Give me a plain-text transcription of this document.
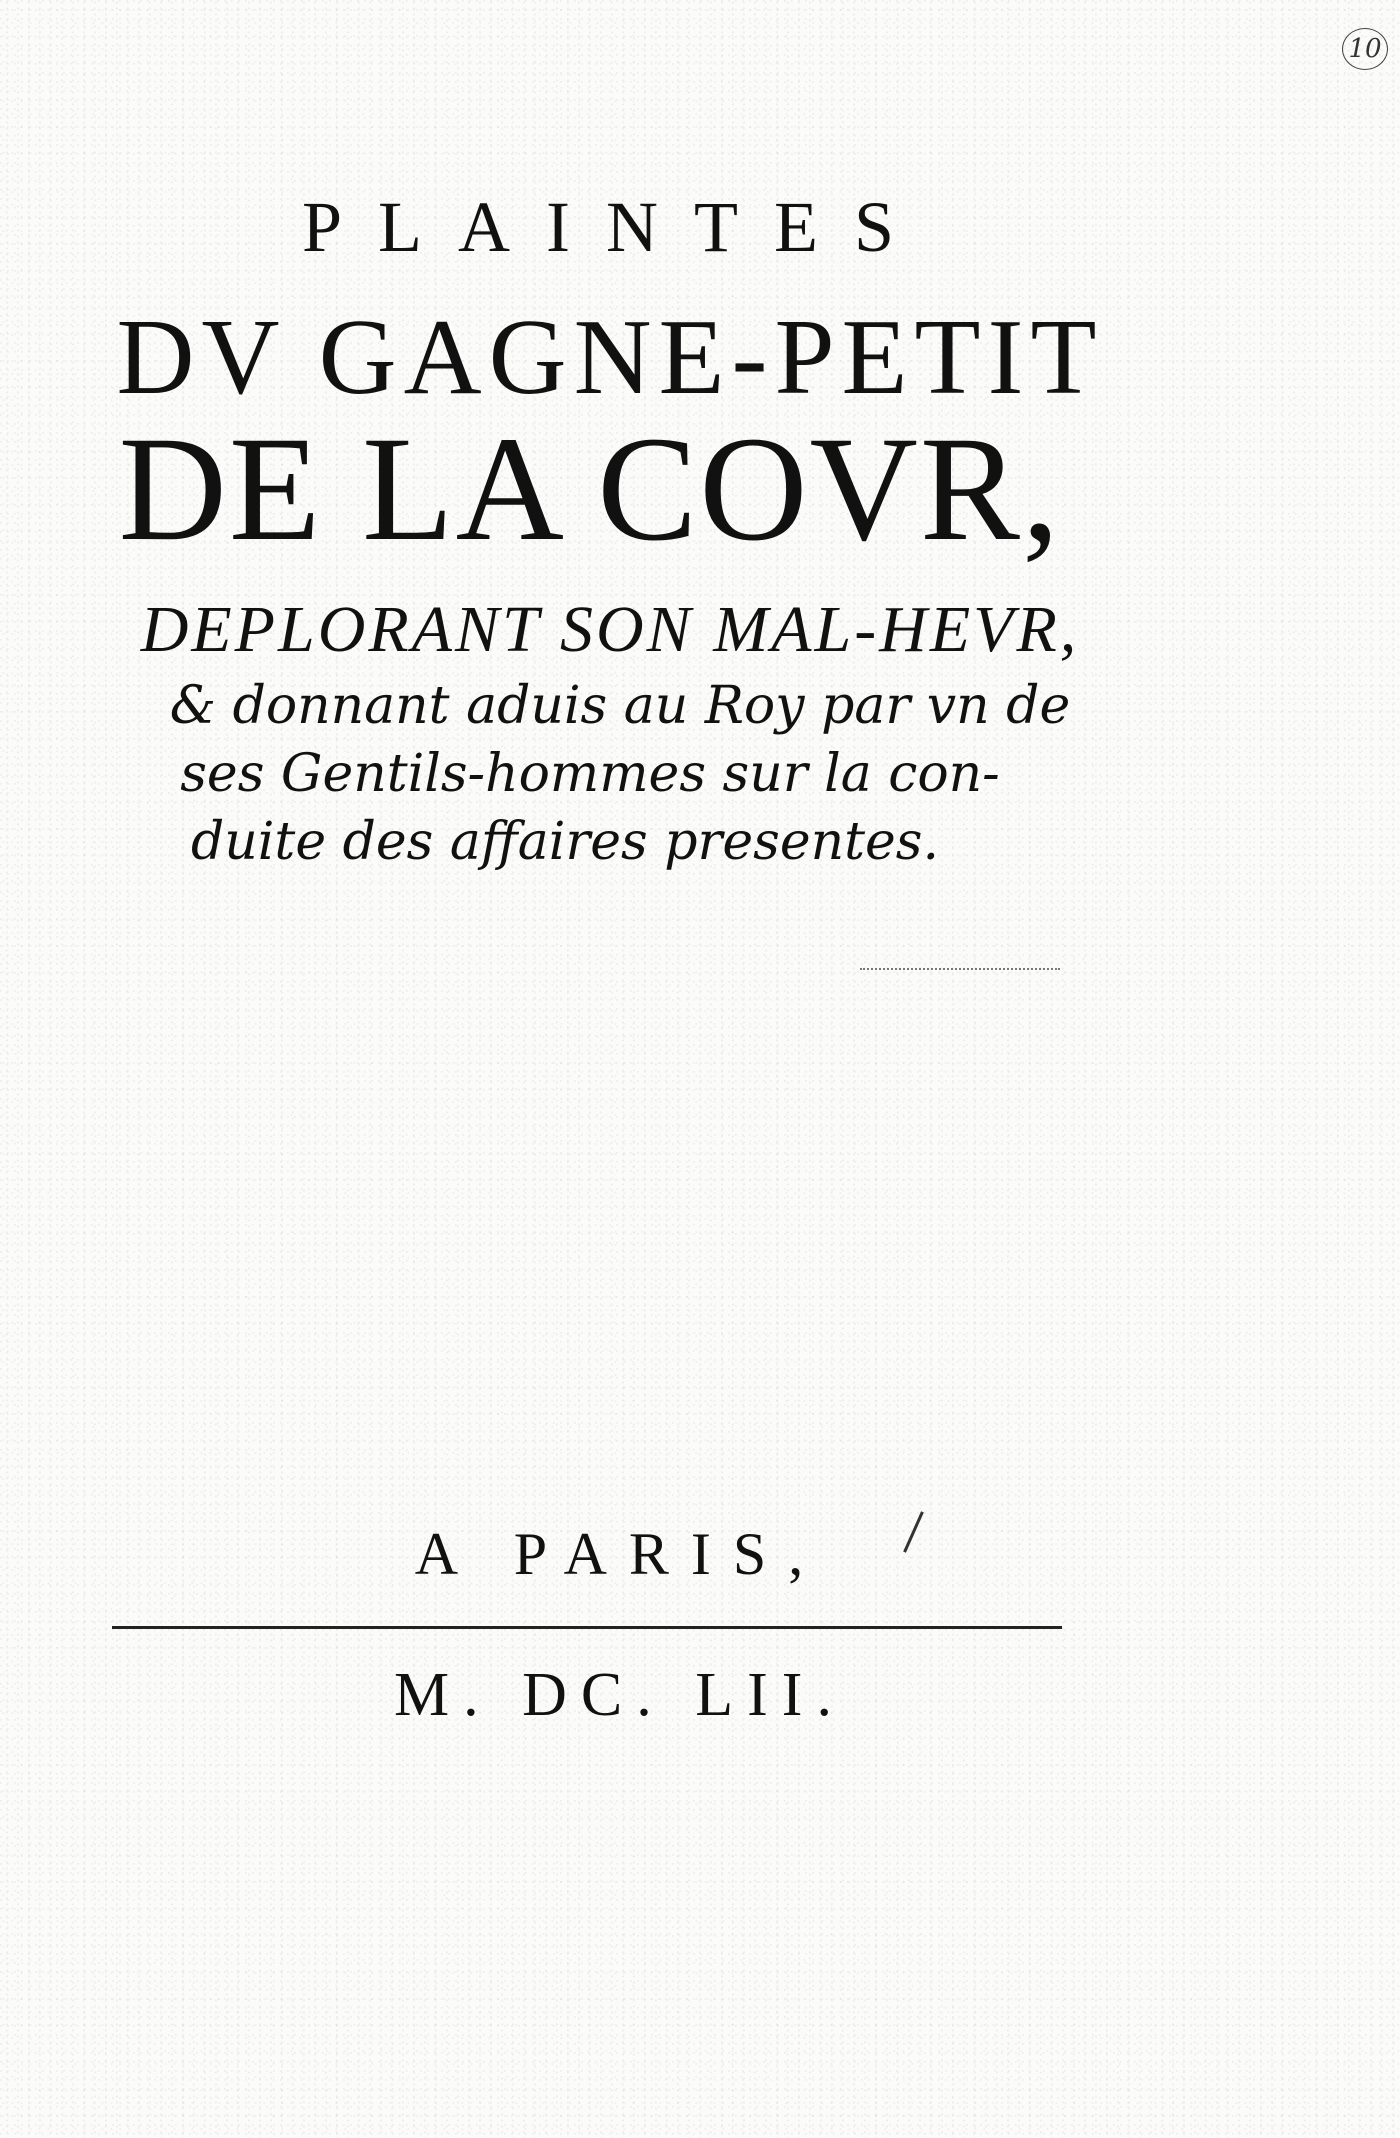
10
PLAINTES
DV GAGNE-PETIT
DE LA COVR,
DEPLORANT SON MAL-HEVR,
& donnant aduis au Roy par vn de
ses Gentils-hommes sur la con-
duite des affaires presentes.
A PARIS,
M. DC. LII.
